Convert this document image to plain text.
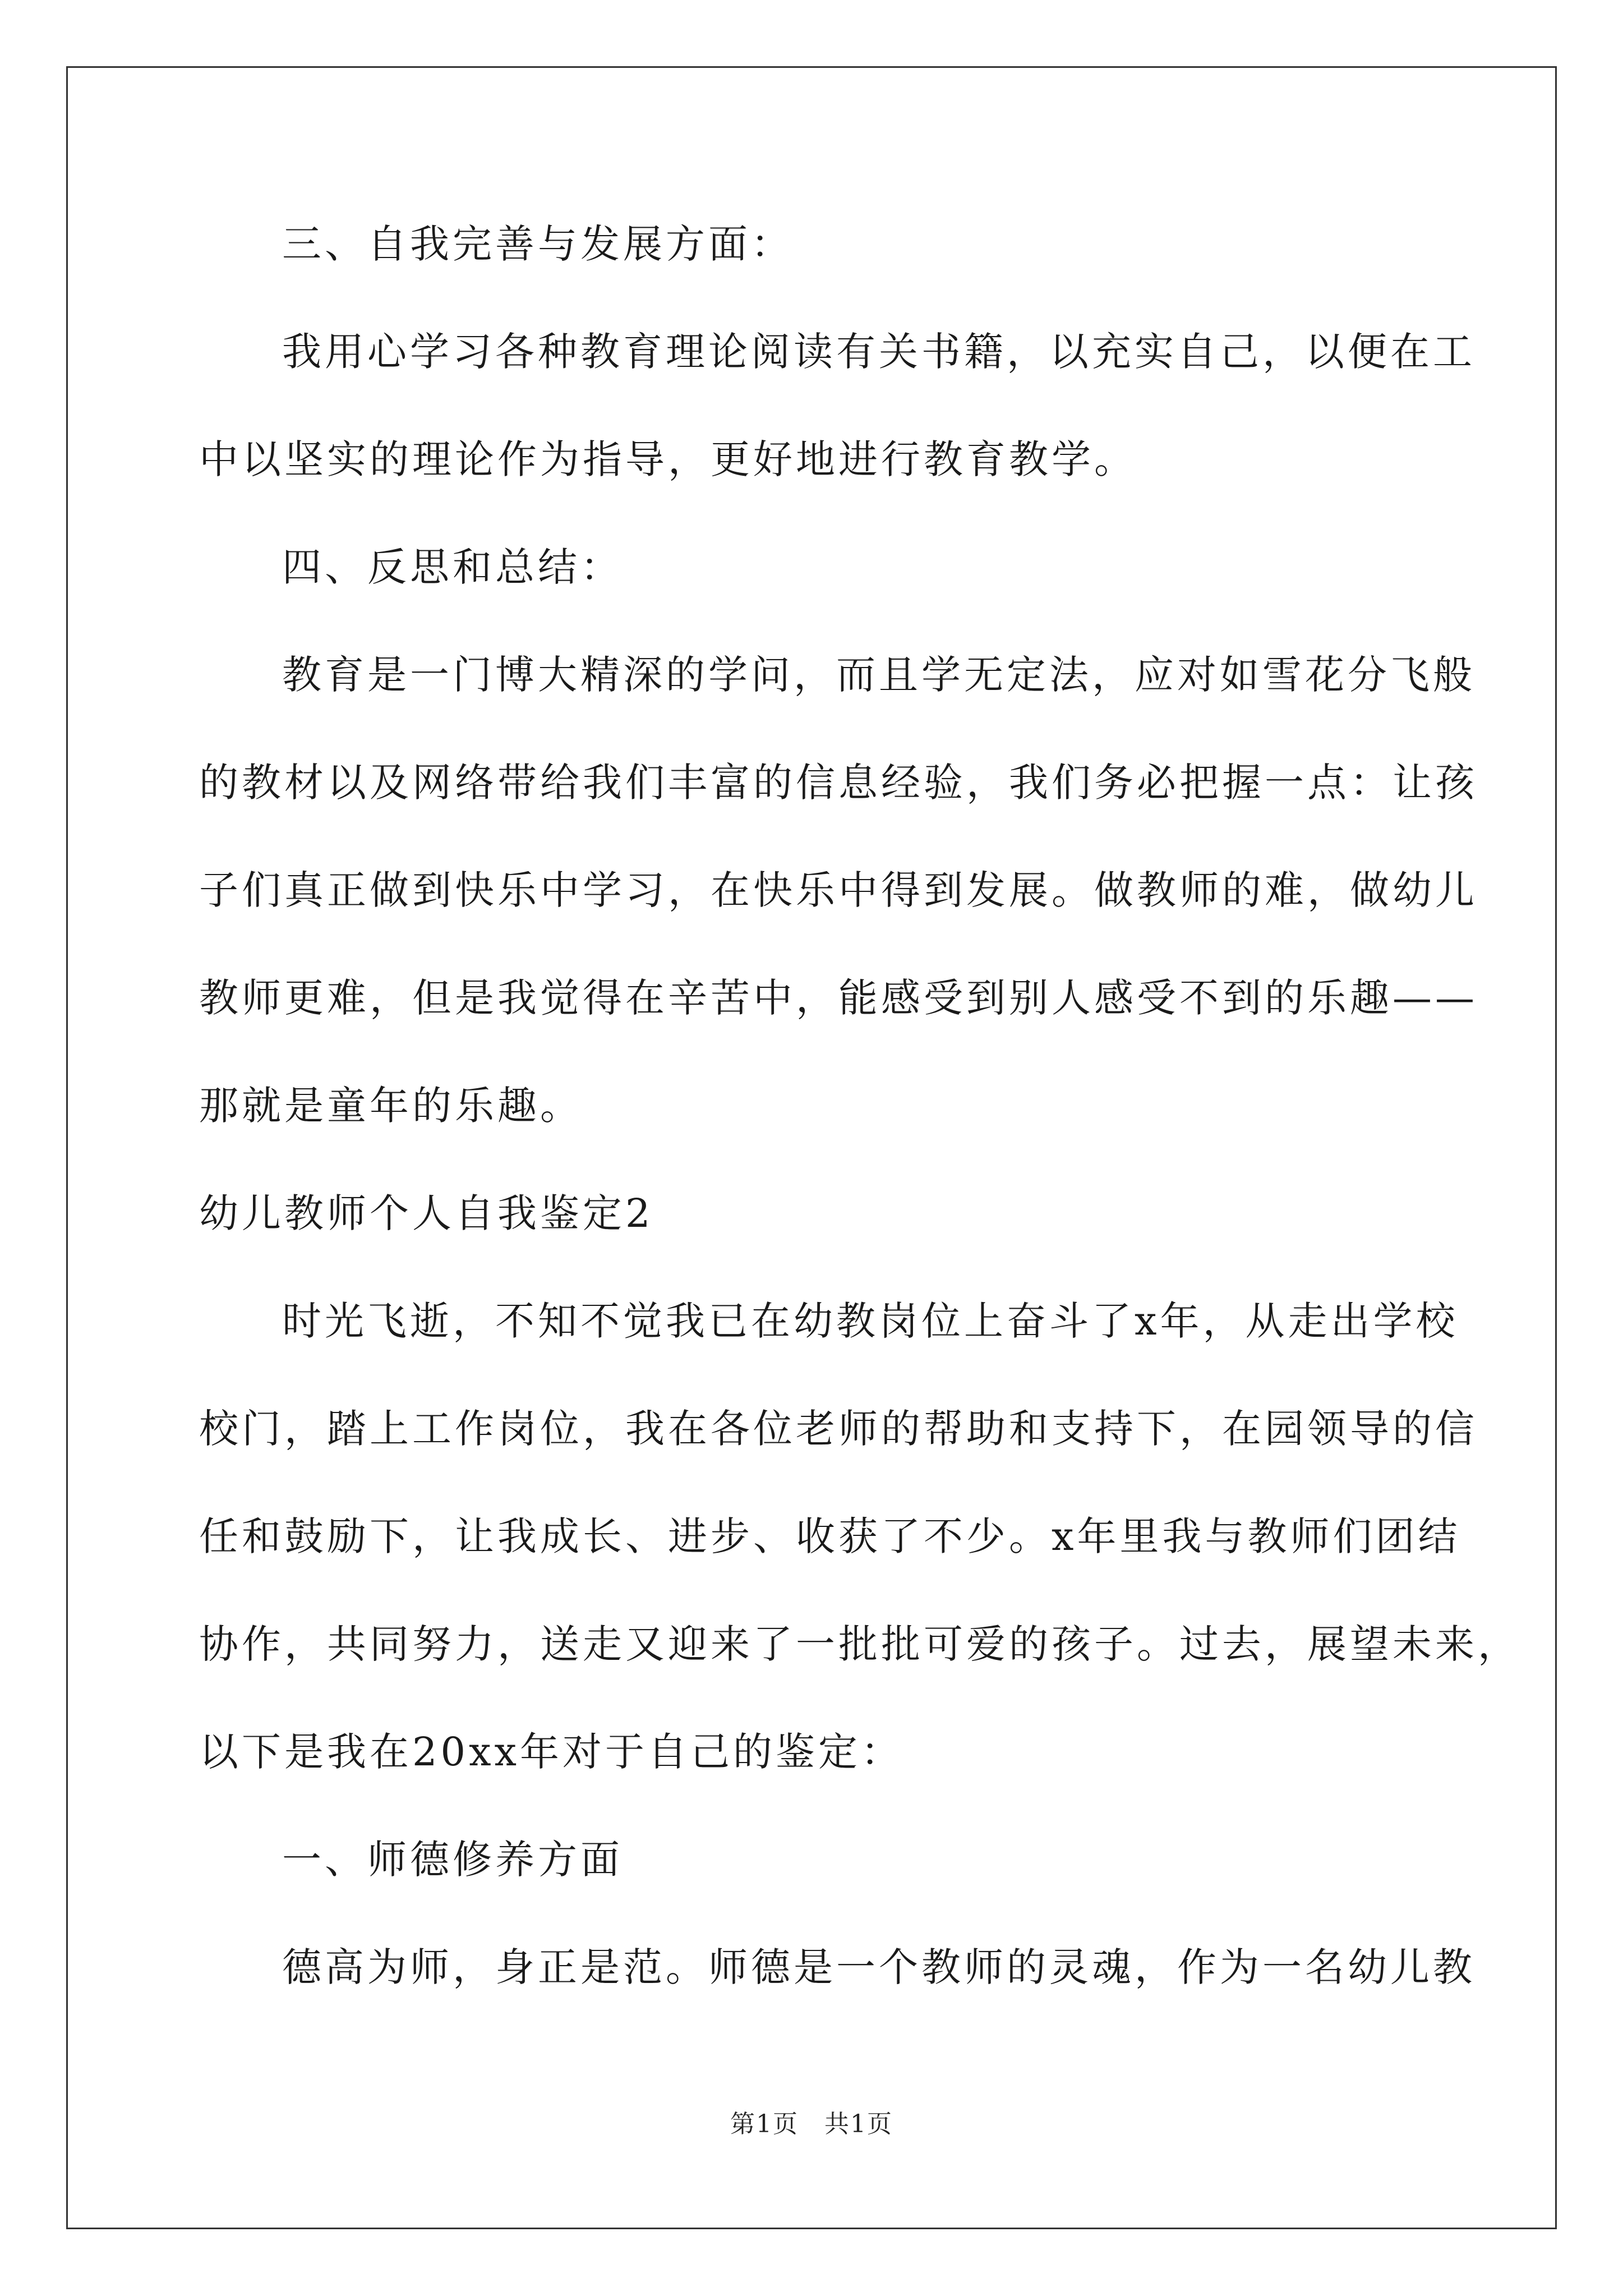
三、自我完善与发展方面：
我用心学习各种教育理论阅读有关书籍，以充实自己，以便在工
中以坚实的理论作为指导，更好地进行教育教学。
四、反思和总结：
教育是一门博大精深的学问，而且学无定法，应对如雪花分飞般
的教材以及网络带给我们丰富的信息经验，我们务必把握一点：让孩
子们真正做到快乐中学习，在快乐中得到发展。做教师的难，做幼儿
教师更难，但是我觉得在辛苦中，能感受到别人感受不到的乐趣——
那就是童年的乐趣。
幼儿教师个人自我鉴定2
时光飞逝，不知不觉我已在幼教岗位上奋斗了x年，从走出学校
校门，踏上工作岗位，我在各位老师的帮助和支持下，在园领导的信
任和鼓励下，让我成长、进步、收获了不少。x年里我与教师们团结
协作，共同努力，送走又迎来了一批批可爱的孩子。过去，展望未来，
以下是我在20xx年对于自己的鉴定：
一、师德修养方面
德高为师，身正是范。师德是一个教师的灵魂，作为一名幼儿教
第1页　共1页
